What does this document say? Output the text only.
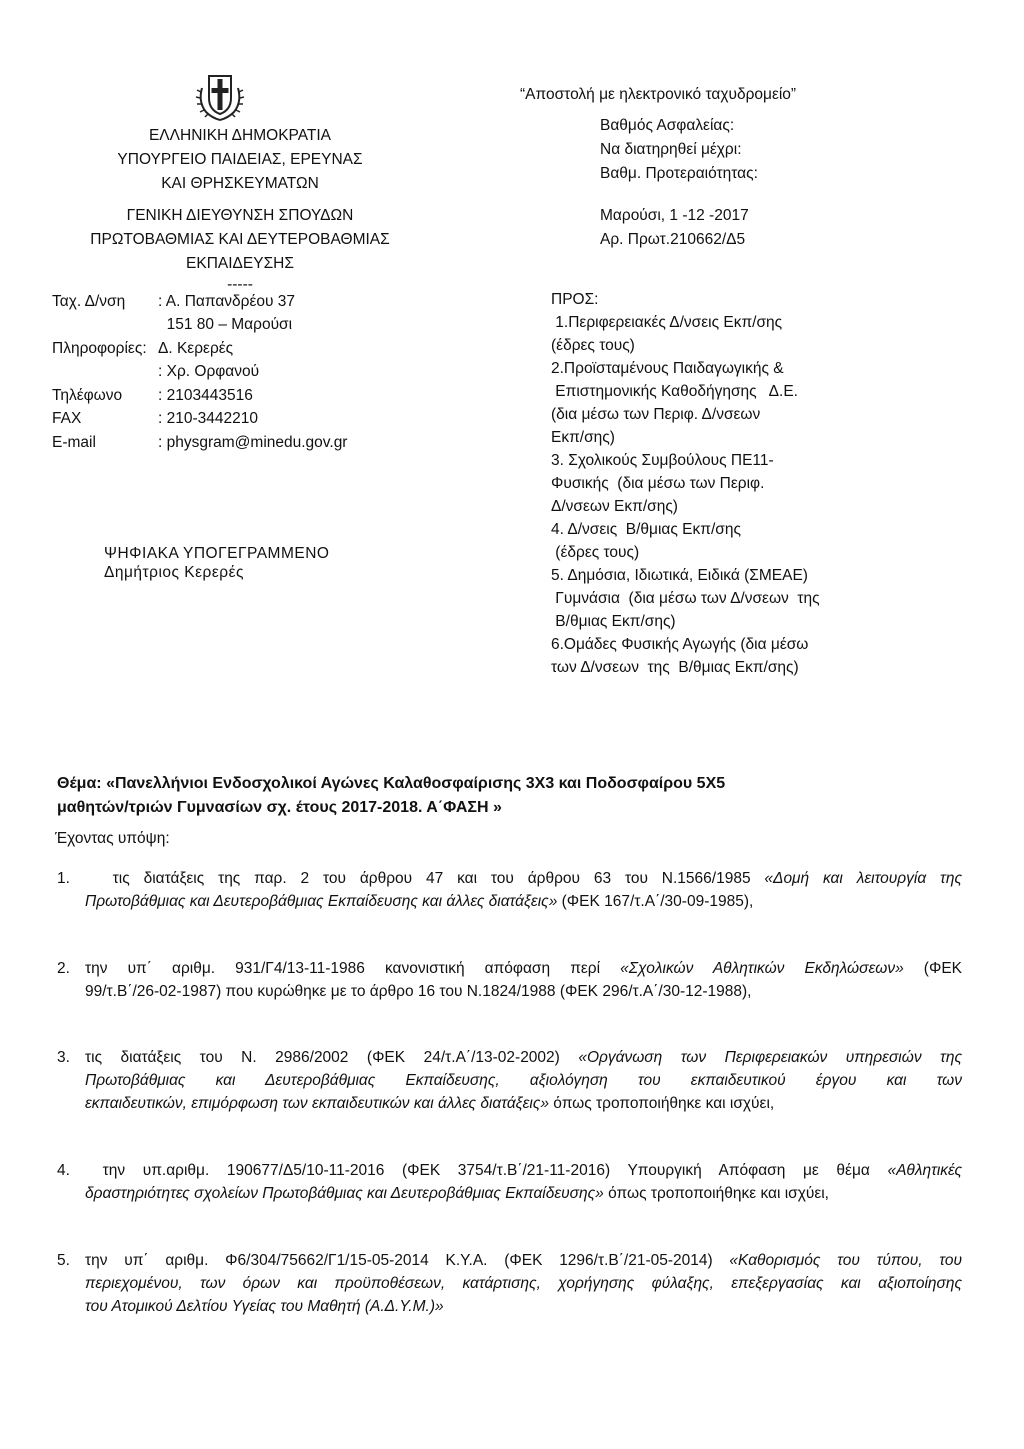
ΕΛΛΗΝΙΚΗ ΔΗΜΟΚΡΑΤΙΑ
ΥΠΟΥΡΓΕΙΟ ΠΑΙΔΕΙΑΣ, ΕΡΕΥΝΑΣ
ΚΑΙ ΘΡΗΣΚΕΥΜΑΤΩΝ
ΓΕΝΙΚΗ ΔΙΕΥΘΥΝΣΗ ΣΠΟΥΔΩΝ
ΠΡΩΤΟΒΑΘΜΙΑΣ ΚΑΙ ΔΕΥΤΕΡΟΒΑΘΜΙΑΣ
ΕΚΠΑΙΔΕΥΣΗΣ
-----
Ταχ. Δ/νση	: Α. Παπανδρέου 37
151 80 – Μαρούσι
Πληροφορίες: Δ. Κερερές
: Χρ. Ορφανού
Τηλέφωνο	: 2103443516
FAX	: 210-3442210
E-mail	: physgram@minedu.gov.gr
ΨΗΦΙΑΚΑ ΥΠΟΓΕΓΡΑΜΜΕΝΟ
Δημήτριος Κερερές
“Αποστολή με ηλεκτρονικό ταχυδρομείο”
Βαθμός Ασφαλείας:
Να διατηρηθεί μέχρι:
Βαθμ. Προτεραιότητας:
Μαρούσι, 1 -12 -2017
Αρ. Πρωτ.210662/Δ5
ΠΡΟΣ:
1.Περιφερειακές Δ/νσεις Εκπ/σης
(έδρες τους)
2.Προϊσταμένους Παιδαγωγικής &
Επιστημονικής Καθοδήγησης   Δ.Ε.
(δια μέσω των Περιφ. Δ/νσεων
Εκπ/σης)
3. Σχολικούς Συμβούλους ΠΕ11-
Φυσικής  (δια μέσω των Περιφ.
Δ/νσεων Εκπ/σης)
4. Δ/νσεις  Β/θμιας Εκπ/σης
(έδρες τους)
5. Δημόσια, Ιδιωτικά, Ειδικά (ΣΜΕΑΕ)
Γυμνάσια  (δια μέσω των Δ/νσεων  της
Β/θμιας Εκπ/σης)
6.Ομάδες Φυσικής Αγωγής (δια μέσω
των Δ/νσεων  της  Β/θμιας Εκπ/σης)
Θέμα: «Πανελλήνιοι Ενδοσχολικοί Αγώνες Καλαθοσφαίρισης 3Χ3 και Ποδοσφαίρου 5Χ5
μαθητών/τριών Γυμνασίων σχ. έτους 2017-2018. Α΄ΦΑΣΗ »
Έχοντας υπόψη:
1. τις διατάξεις της παρ. 2 του άρθρου 47 και του άρθρου 63 του Ν.1566/1985 «Δομή και λειτουργία της
Πρωτοβάθμιας και Δευτεροβάθμιας Εκπαίδευσης και άλλες διατάξεις» (ΦΕΚ 167/τ.Α΄/30-09-1985),
2. την υπ΄ αριθμ. 931/Γ4/13-11-1986 κανονιστική απόφαση περί «Σχολικών Αθλητικών Εκδηλώσεων» (ΦΕΚ
99/τ.Β΄/26-02-1987) που κυρώθηκε με το άρθρο 16 του Ν.1824/1988 (ΦΕΚ 296/τ.Α΄/30-12-1988),
3. τις διατάξεις του Ν. 2986/2002 (ΦΕΚ 24/τ.Α΄/13-02-2002) «Οργάνωση των Περιφερειακών υπηρεσιών της
Πρωτοβάθμιας και Δευτεροβάθμιας Εκπαίδευσης, αξιολόγηση του εκπαιδευτικού έργου και των
εκπαιδευτικών, επιμόρφωση των εκπαιδευτικών και άλλες διατάξεις» όπως τροποποιήθηκε και ισχύει,
4. την υπ.αριθμ. 190677/Δ5/10-11-2016 (ΦΕΚ 3754/τ.Β΄/21-11-2016) Υπουργική Απόφαση με θέμα «Αθλητικές
δραστηριότητες σχολείων Πρωτοβάθμιας και Δευτεροβάθμιας Εκπαίδευσης» όπως τροποποιήθηκε και ισχύει,
5. την υπ΄ αριθμ. Φ6/304/75662/Γ1/15-05-2014 Κ.Υ.Α. (ΦΕΚ 1296/τ.Β΄/21-05-2014) «Καθορισμός του τύπου, του
περιεχομένου, των όρων και προϋποθέσεων, κατάρτισης, χορήγησης φύλαξης, επεξεργασίας και αξιοποίησης
του Ατομικού Δελτίου Υγείας του Μαθητή (Α.Δ.Υ.Μ.)»
